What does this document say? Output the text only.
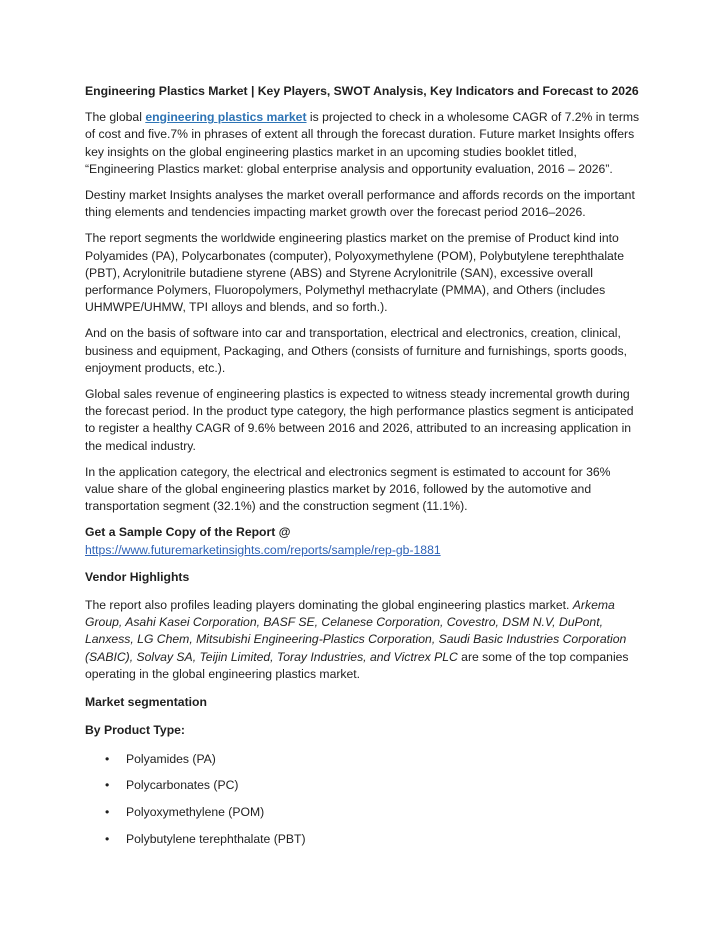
Engineering Plastics Market | Key Players, SWOT Analysis, Key Indicators and Forecast to 2026

The global engineering plastics market is projected to check in a wholesome CAGR of 7.2% in terms of cost and five.7% in phrases of extent all through the forecast duration. Future market Insights offers key insights on the global engineering plastics market in an upcoming studies booklet titled, “Engineering Plastics market: global enterprise analysis and opportunity evaluation, 2016 – 2026”.

Destiny market Insights analyses the market overall performance and affords records on the important thing elements and tendencies impacting market growth over the forecast period 2016–2026.

The report segments the worldwide engineering plastics market on the premise of Product kind into Polyamides (PA), Polycarbonates (computer), Polyoxymethylene (POM), Polybutylene terephthalate (PBT), Acrylonitrile butadiene styrene (ABS) and Styrene Acrylonitrile (SAN), excessive overall performance Polymers, Fluoropolymers, Polymethyl methacrylate (PMMA), and Others (includes UHMWPE/UHMW, TPI alloys and blends, and so forth.).

And on the basis of software into car and transportation, electrical and electronics, creation, clinical, business and equipment, Packaging, and Others (consists of furniture and furnishings, sports goods, enjoyment products, etc.).

Global sales revenue of engineering plastics is expected to witness steady incremental growth during the forecast period. In the product type category, the high performance plastics segment is anticipated to register a healthy CAGR of 9.6% between 2016 and 2026, attributed to an increasing application in the medical industry.

In the application category, the electrical and electronics segment is estimated to account for 36% value share of the global engineering plastics market by 2016, followed by the automotive and transportation segment (32.1%) and the construction segment (11.1%).

Get a Sample Copy of the Report @
https://www.futuremarketinsights.com/reports/sample/rep-gb-1881

Vendor Highlights

The report also profiles leading players dominating the global engineering plastics market. Arkema Group, Asahi Kasei Corporation, BASF SE, Celanese Corporation, Covestro, DSM N.V, DuPont, Lanxess, LG Chem, Mitsubishi Engineering-Plastics Corporation, Saudi Basic Industries Corporation (SABIC), Solvay SA, Teijin Limited, Toray Industries, and Victrex PLC are some of the top companies operating in the global engineering plastics market.

Market segmentation

By Product Type:

• Polyamides (PA)
• Polycarbonates (PC)
• Polyoxymethylene (POM)
• Polybutylene terephthalate (PBT)
